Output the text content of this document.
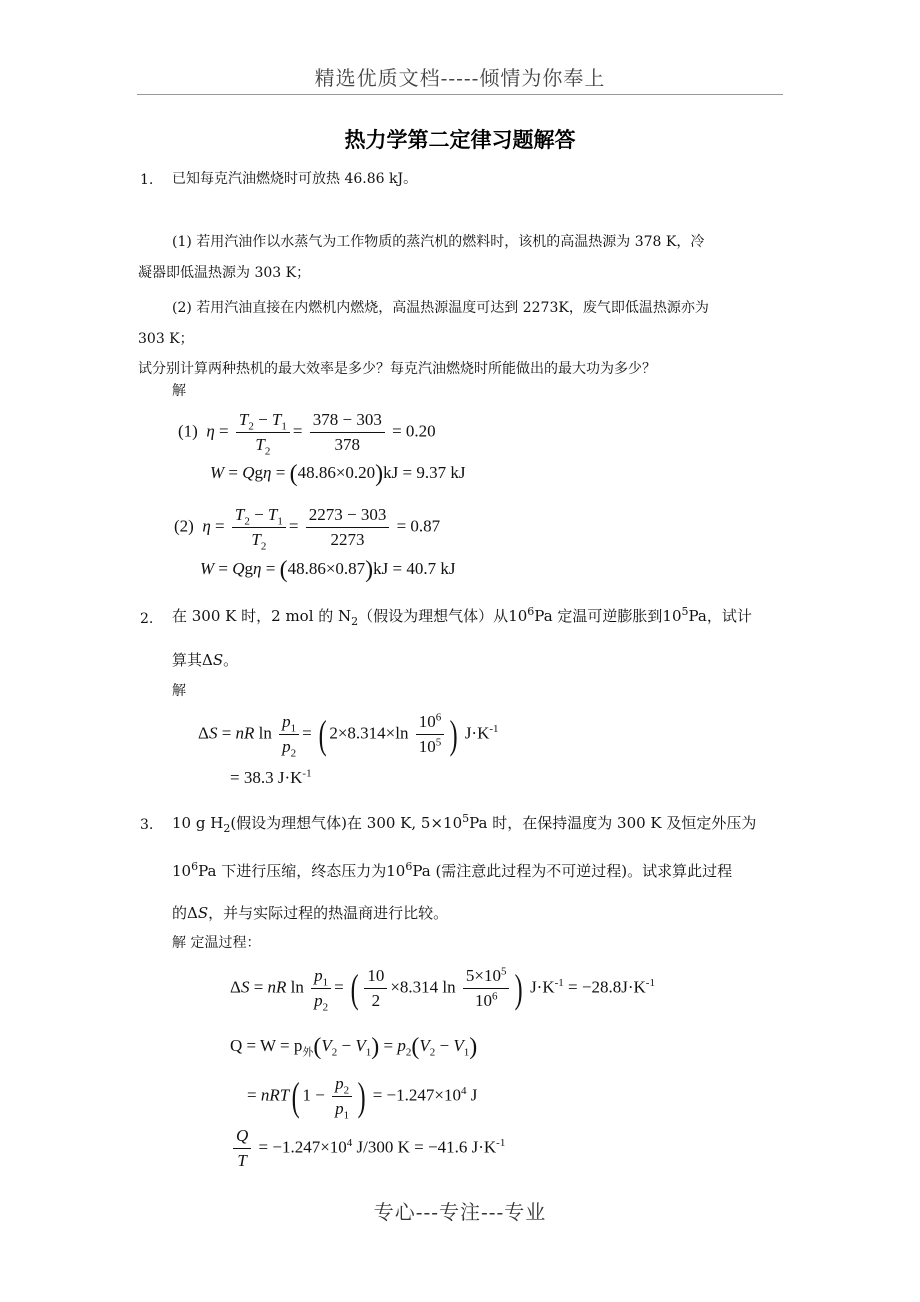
精选优质文档-----倾情为你奉上
热力学第二定律习题解答
1. 已知每克汽油燃烧时可放热 46.86 kJ。
(1) 若用汽油作以水蒸气为工作物质的蒸汽机的燃料时，该机的高温热源为 378 K，冷
凝器即低温热源为 303 K；
(2) 若用汽油直接在内燃机内燃烧，高温热源温度可达到 2273K，废气即低温热源亦为
303 K；
试分别计算两种热机的最大效率是多少？每克汽油燃烧时所能做出的最大功为多少？
解
(1) $\eta = \frac{T_2 - T_1}{T_2} = \frac{378 - 303}{378} = 0.20$
W = Qgη = (48.86×0.20)kJ = 9.37 kJ
(2) $\eta = \frac{T_2 - T_1}{T_2} = \frac{2273 - 303}{2273} = 0.87$
W = Qgη = (48.86×0.87)kJ = 40.7 kJ
2. 在 300 K 时，2 mol 的 $N_2$（假设为理想气体）从$10^6Pa$ 定温可逆膨胀到$10^5Pa$，试计
算其ΔS。
解
ΔS = nR $\ln \frac{p_1}{p_2}$ = ( $2\times 8.314\times\ln \frac{10^6}{10^5}$ ) $J\cdot K^{-1}$
= 38.3 $J\cdot K^{-1}$
3. 10 g $H_2$(假设为理想气体)在 300 K, $5\times 10^5Pa$ 时，在保持温度为 300 K 及恒定外压为
$10^6Pa$ 下进行压缩，终态压力为$10^6Pa$ (需注意此过程为不可逆过程)。试求算此过程
的ΔS，并与实际过程的热温商进行比较。
解 定温过程：
ΔS = nR $\ln \frac{p_1}{p_2}$ = ( $\frac{10}{2} \times 8.314$ $\ln \frac{5\times 10^5}{10^6}$ ) $J\cdot K^{-1} = -28.8J\cdot K^{-1}$
$Q = W = p_外(V_2 - V_1) = p_2(V_2 - V_1)$
= nRT( $1 - \frac{p_2}{p_1}$ ) = $-1.247\times 10^4$ J
$\frac{Q}{T} = -1.247\times 10^4$ J/300 K = −41.6 $J\cdot K^{-1}$
专心---专注---专业
